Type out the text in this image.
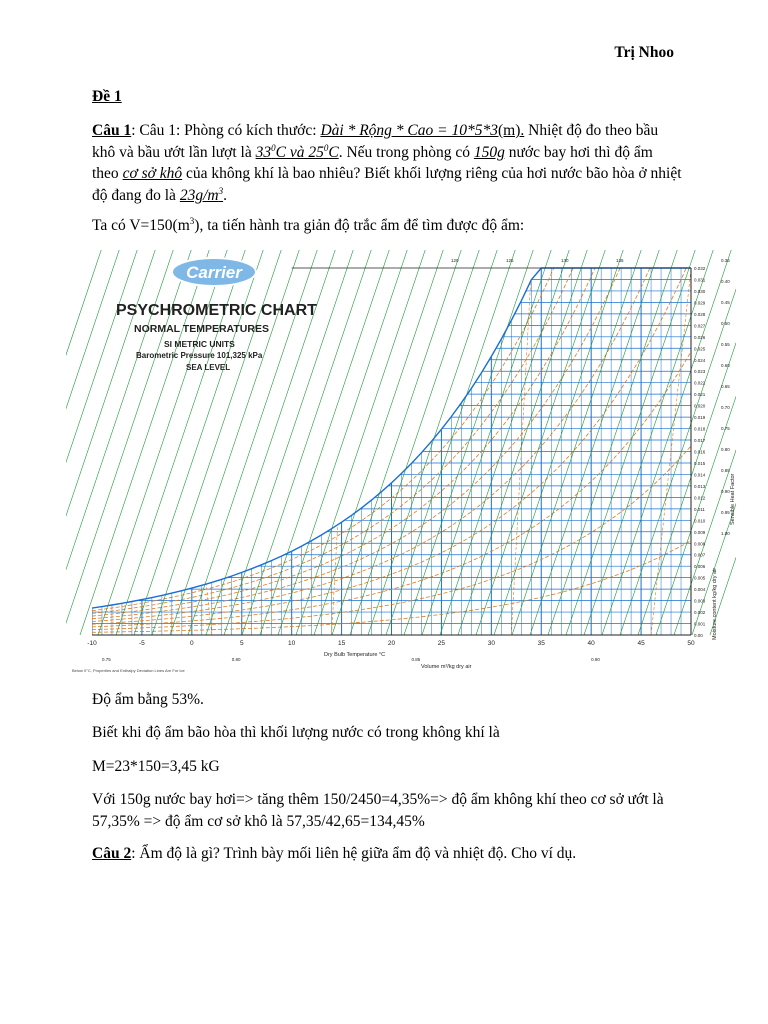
Trị Nhoo
Đề 1
Câu 1: Câu 1: Phòng có kích thước: Dài * Rộng * Cao = 10*5*3(m). Nhiệt độ đo theo bầu khô và bầu ướt lần lượt là $33^0C$ và $25^0C$. Nếu trong phòng có 150g nước bay hơi thì độ ẩm theo cơ sở khô của không khí là bao nhiêu? Biết khối lượng riêng của hơi nước bão hòa ở nhiệt độ đang đo là $23g/m^3$.
Ta có $V=150(m^3)$, ta tiến hành tra giản độ trắc ẩm để tìm được độ ẩm:
Carrier
PSYCHROMETRIC CHART
NORMAL TEMPERATURES
SI METRIC UNITS
Barometric Pressure 101,325 kPa
SEA LEVEL
Dry Bulb Temperature °C
Volume m³/kg dry air
Below 0°C, Properties and Enthalpy Deviation Lines Are For Ice
Moisture content kg/kg dry air
Sensible Heat Factor
-10	-5	0	5	10	15	20	25	30	35	40	45	50
0.032
0.031
0.030
0.029
0.028
0.027
0.026
0.025
0.024
0.023
0.022
0.021
0.020
0.019
0.018
0.017
0.016
0.015
0.014
0.013
0.012
0.011
0.010
0.009
0.008
0.007
0.006
0.005
0.004
0.003
0.002
0.001
0.00
0.75	0.80	0.85	0.90
120	125	130	135	0.36
0.40
0.45
0.50
0.55
0.60
0.65
0.70
0.75
0.80
0.85
0.90
0.95
1.00
Độ ẩm bằng 53%.
Biết khi độ ẩm bão hòa thì khối lượng nước có trong không khí là
M=23*150=3,45 kG
Với 150g nước bay hơi=> tăng thêm 150/2450=4,35%=> độ ẩm không khí theo cơ sở ướt là 57,35% => độ ẩm cơ sở khô là 57,35/42,65=134,45%
Câu 2: Ẩm độ là gì? Trình bày mối liên hệ giữa ẩm độ và nhiệt độ. Cho ví dụ.
